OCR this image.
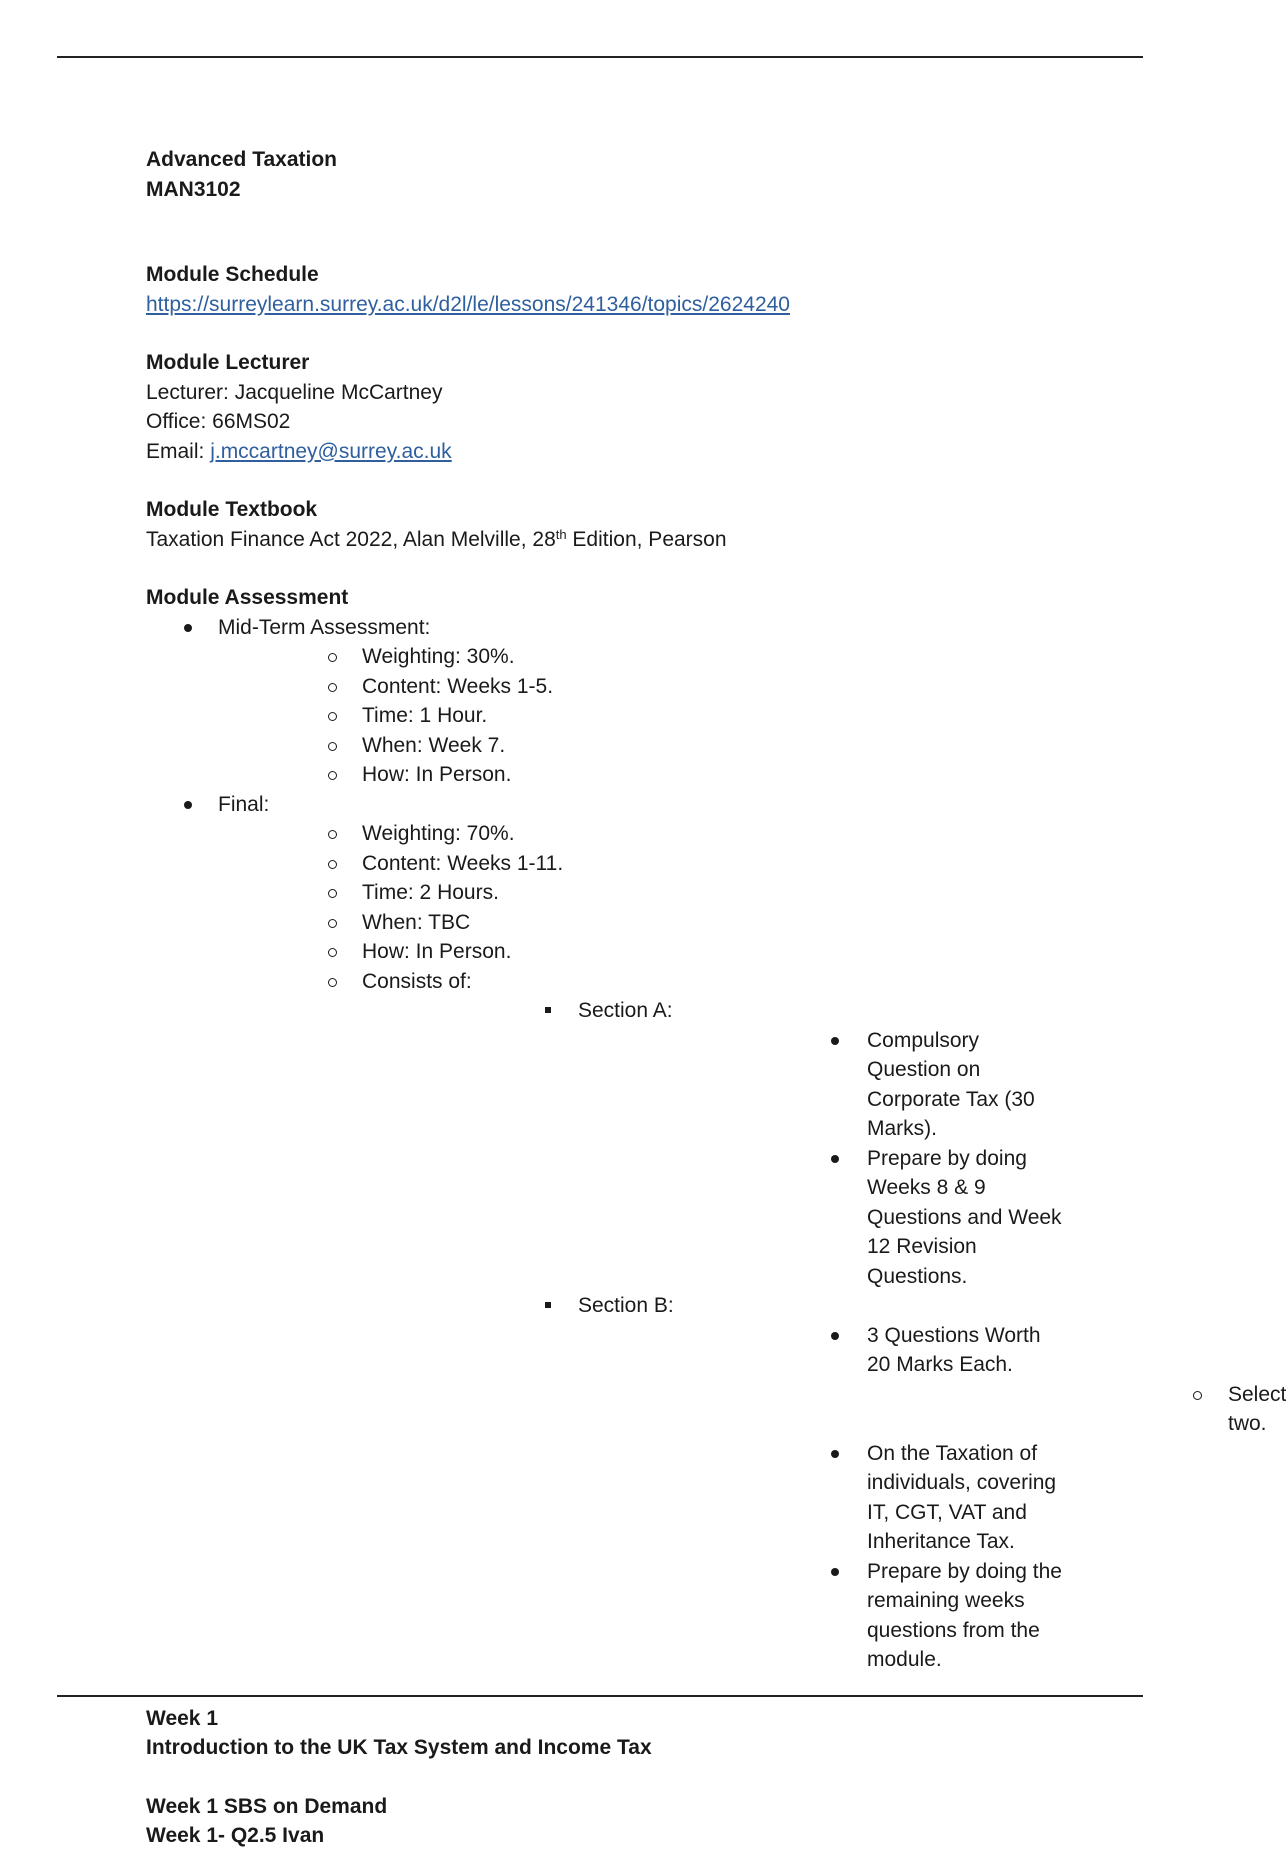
Advanced Taxation
MAN3102
Module Schedule
https://surreylearn.surrey.ac.uk/d2l/le/lessons/241346/topics/2624240
Module Lecturer
Lecturer: Jacqueline McCartney
Office: 66MS02
Email: j.mccartney@surrey.ac.uk
Module Textbook
Taxation Finance Act 2022, Alan Melville, 28th Edition, Pearson
Module Assessment
Mid-Term Assessment:
Weighting: 30%.
Content: Weeks 1-5.
Time: 1 Hour.
When: Week 7.
How: In Person.
Final:
Weighting: 70%.
Content: Weeks 1-11.
Time: 2 Hours.
When: TBC
How: In Person.
Consists of:
Section A:
Compulsory Question on Corporate Tax (30 Marks).
Prepare by doing Weeks 8 & 9 Questions and Week 12 Revision Questions.
Section B:
3 Questions Worth 20 Marks Each.
Select two.
On the Taxation of individuals, covering IT, CGT, VAT and Inheritance Tax.
Prepare by doing the remaining weeks questions from the module.
Week 1
Introduction to the UK Tax System and Income Tax
Week 1 SBS on Demand
Week 1- Q2.5 Ivan
